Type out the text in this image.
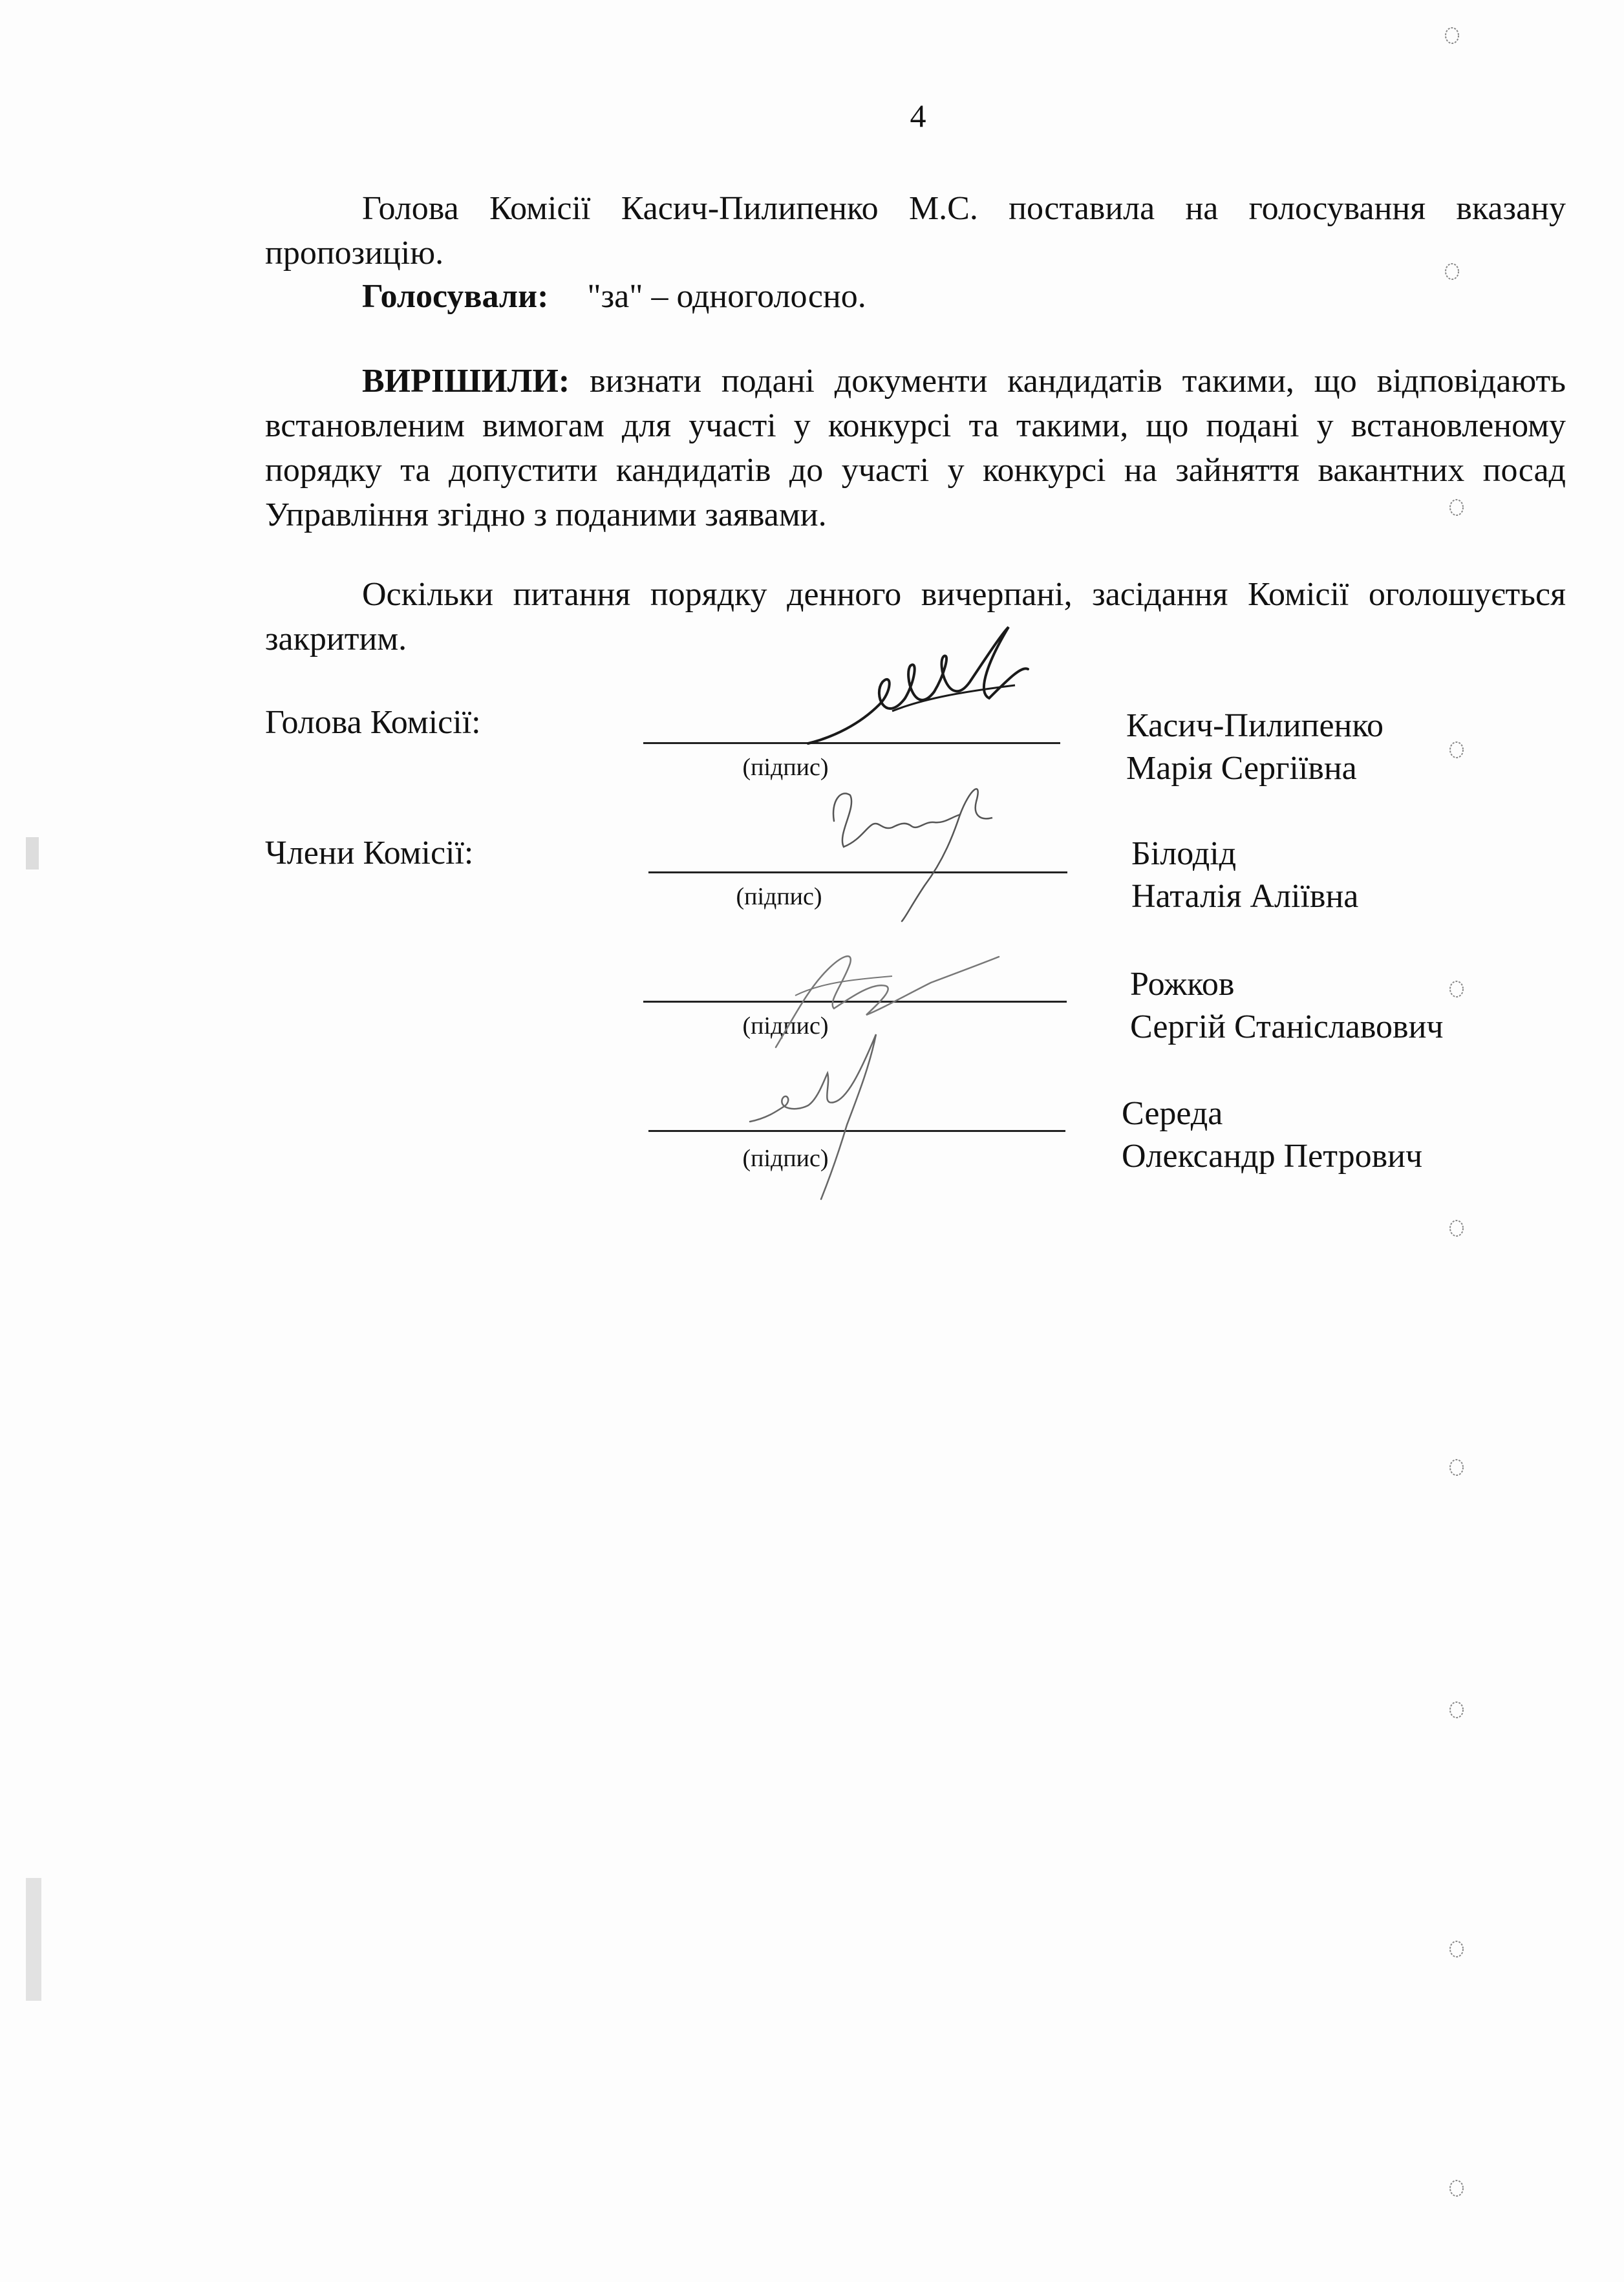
4
Голова Комісії Касич-Пилипенко М.С. поставила на голосування вказану пропозицію.
Голосували: "за" – одноголосно.
ВИРІШИЛИ: визнати подані документи кандидатів такими, що відповідають встановленим вимогам для участі у конкурсі та такими, що подані у встановленому порядку та допустити кандидатів до участі у конкурсі на зайняття вакантних посад Управління згідно з поданими заявами.
Оскільки питання порядку денного вичерпані, засідання Комісії оголошується закритим.
Голова Комісії:
(підпис)
Касич-Пилипенко
Марія Сергіївна
Члени Комісії:
(підпис)
Білодід
Наталія Аліївна
(підпис)
Рожков
Сергій Станіславович
(підпис)
Середа
Олександр Петрович
